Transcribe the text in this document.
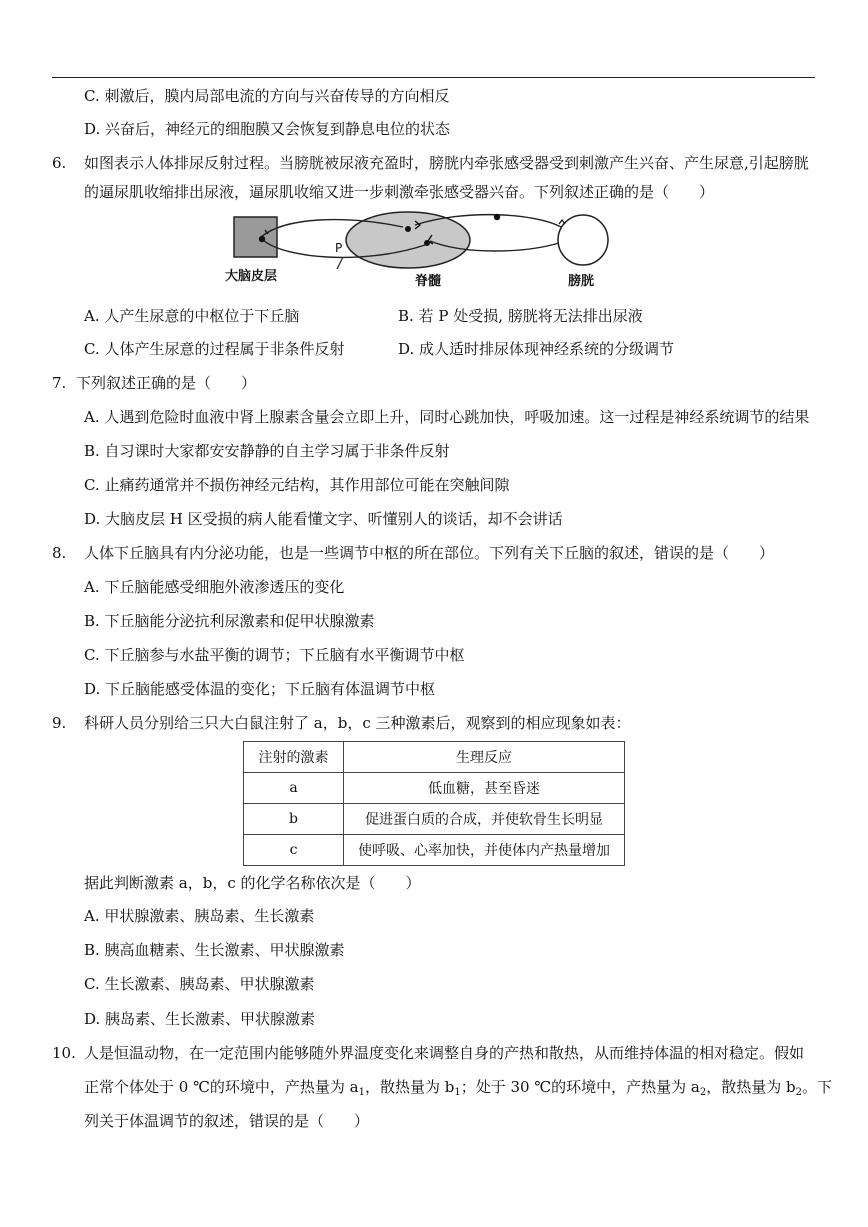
C. 刺激后，膜内局部电流的方向与兴奋传导的方向相反
D. 兴奋后，神经元的细胞膜又会恢复到静息电位的状态
6. 如图表示人体排尿反射过程。当膀胱被尿液充盈时，膀胱内牵张感受器受到刺激产生兴奋、产生尿意,引起膀胱
的逼尿肌收缩排出尿液，逼尿肌收缩又进一步刺激牵张感受器兴奋。下列叙述正确的是（　　）
P
大脑皮层	脊髓	膀胱
A. 人产生尿意的中枢位于下丘脑	B. 若 P 处受损, 膀胱将无法排出尿液
C. 人体产生尿意的过程属于非条件反射	D. 成人适时排尿体现神经系统的分级调节
7. 下列叙述正确的是（　　）
A. 人遇到危险时血液中肾上腺素含量会立即上升，同时心跳加快，呼吸加速。这一过程是神经系统调节的结果
B. 自习课时大家都安安静静的自主学习属于非条件反射
C. 止痛药通常并不损伤神经元结构，其作用部位可能在突触间隙
D. 大脑皮层 H 区受损的病人能看懂文字、听懂别人的谈话，却不会讲话
8. 人体下丘脑具有内分泌功能，也是一些调节中枢的所在部位。下列有关下丘脑的叙述，错误的是（　　）
A. 下丘脑能感受细胞外液渗透压的变化
B. 下丘脑能分泌抗利尿激素和促甲状腺激素
C. 下丘脑参与水盐平衡的调节；下丘脑有水平衡调节中枢
D. 下丘脑能感受体温的变化；下丘脑有体温调节中枢
9. 科研人员分别给三只大白鼠注射了 a，b，c 三种激素后，观察到的相应现象如表：
注射的激素	生理反应
a	低血糖，甚至昏迷
b	促进蛋白质的合成，并使软骨生长明显
c	使呼吸、心率加快，并使体内产热量增加
据此判断激素 a，b，c 的化学名称依次是（　　）
A. 甲状腺激素、胰岛素、生长激素
B. 胰高血糖素、生长激素、甲状腺激素
C. 生长激素、胰岛素、甲状腺激素
D. 胰岛素、生长激素、甲状腺激素
10. 人是恒温动物，在一定范围内能够随外界温度变化来调整自身的产热和散热，从而维持体温的相对稳定。假如
正常个体处于 0 ℃的环境中，产热量为 $a_1$，散热量为 $b_1$；处于 30 ℃的环境中，产热量为 $a_2$，散热量为 $b_2$。下
列关于体温调节的叙述，错误的是（　　）
